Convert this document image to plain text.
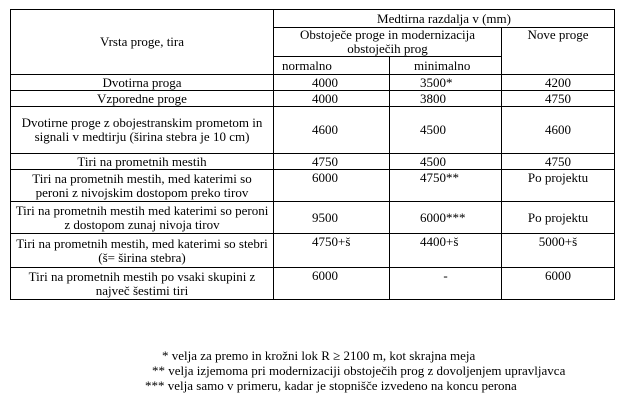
Vrsta proge, tira	Medtirna razdalja v (mm)		
	Obstoječe proge in modernizacija obstoječih prog		Nove proge
	normalno	minimalno	
Dvotirna proga	4000	3500*	4200
Vzporedne proge	4000	3800	4750
Dvotirne proge z obojestranskim prometom in signali v medtirju (širina stebra je 10 cm)	4600	4500	4600
Tiri na prometnih mestih	4750	4500	4750
Tiri na prometnih mestih, med katerimi so peroni z nivojskim dostopom preko tirov	6000	4750**	Po projektu
Tiri na prometnih mestih med katerimi so peroni z dostopom zunaj nivoja tirov	9500	6000***	Po projektu
Tiri na prometnih mestih, med katerimi so stebri (š= širina stebra)	4750+š	4400+š	5000+š
Tiri na prometnih mestih po vsaki skupini z največ šestimi tiri	6000	-	6000
* velja za premo in krožni lok R ≥ 2100 m, kot skrajna meja
** velja izjemoma pri modernizaciji obstoječih prog z dovoljenjem upravljavca
*** velja samo v primeru, kadar je stopnišče izvedeno na koncu perona
